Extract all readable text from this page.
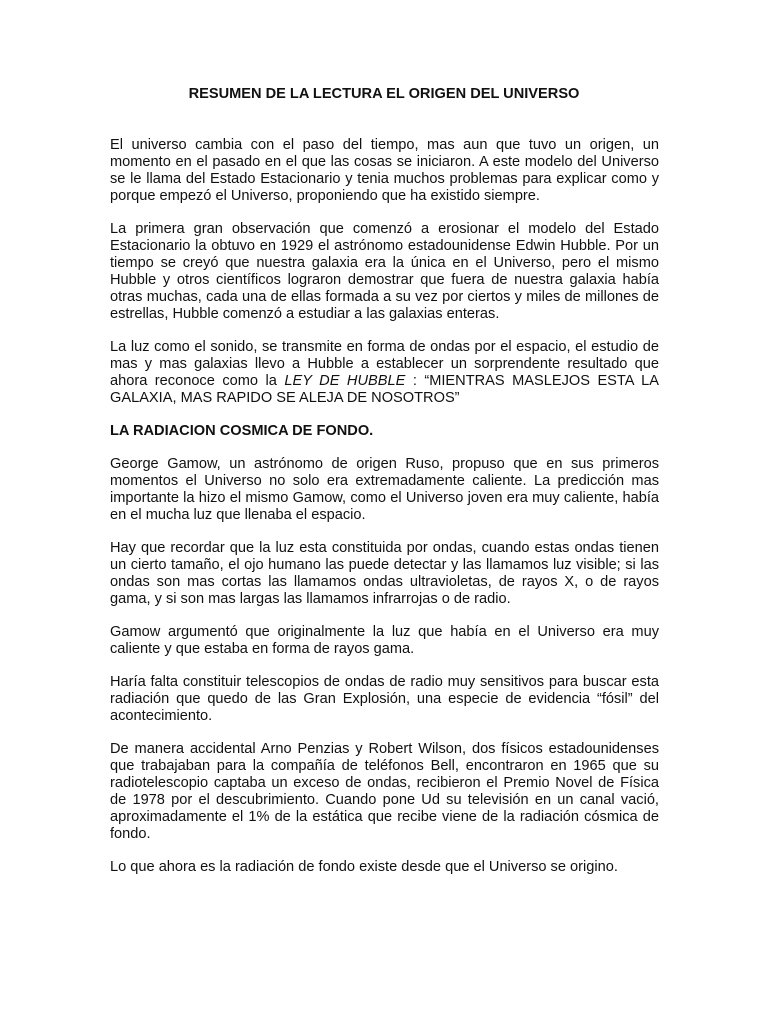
RESUMEN DE LA LECTURA EL ORIGEN DEL UNIVERSO

El universo cambia con el paso del tiempo, mas aun que tuvo un origen, un momento en el pasado en el que las cosas se iniciaron. A este modelo del Universo se le llama del Estado Estacionario y tenia muchos problemas para explicar como y porque empezó el Universo, proponiendo que ha existido siempre.

La primera gran observación que comenzó a erosionar el modelo del Estado Estacionario la obtuvo en 1929 el astrónomo estadounidense Edwin Hubble. Por un tiempo se creyó que nuestra galaxia era la única en el Universo, pero el mismo Hubble y otros científicos lograron demostrar que fuera de nuestra galaxia había otras muchas, cada una de ellas formada a su vez por ciertos y miles de millones de estrellas, Hubble comenzó a estudiar a las galaxias enteras.

La luz como el sonido, se transmite en forma de ondas por el espacio, el estudio de mas y mas galaxias llevo a Hubble a establecer un sorprendente resultado que ahora reconoce como la LEY DE HUBBLE : “MIENTRAS MASLEJOS ESTA LA GALAXIA, MAS RAPIDO SE ALEJA DE NOSOTROS”

LA RADIACION COSMICA DE FONDO.

George Gamow, un astrónomo de origen Ruso, propuso que en sus primeros momentos el Universo no solo era extremadamente caliente. La predicción mas importante la hizo el mismo Gamow, como el Universo joven era muy caliente, había en el mucha luz que llenaba el espacio.

Hay que recordar que la luz esta constituida por ondas, cuando estas ondas tienen un cierto tamaño, el ojo humano las puede detectar y las llamamos luz visible; si las ondas son mas cortas las llamamos ondas ultravioletas, de rayos X, o de rayos gama, y si son mas largas las llamamos infrarrojas o de radio.

Gamow argumentó que originalmente la luz que había en el Universo era muy caliente y que estaba en forma de rayos gama.

Haría falta constituir telescopios de ondas de radio muy sensitivos para buscar esta radiación que quedo de las Gran Explosión, una especie de evidencia “fósil” del acontecimiento.

De manera accidental Arno Penzias y Robert Wilson, dos físicos estadounidenses que trabajaban para la compañía de teléfonos Bell, encontraron en 1965 que su radiotelescopio captaba un exceso de ondas, recibieron el Premio Novel de Física de 1978 por el descubrimiento. Cuando pone Ud su televisión en un canal vació, aproximadamente el 1% de la estática que recibe viene de la radiación cósmica de fondo.

Lo que ahora es la radiación de fondo existe desde que el Universo se origino.
